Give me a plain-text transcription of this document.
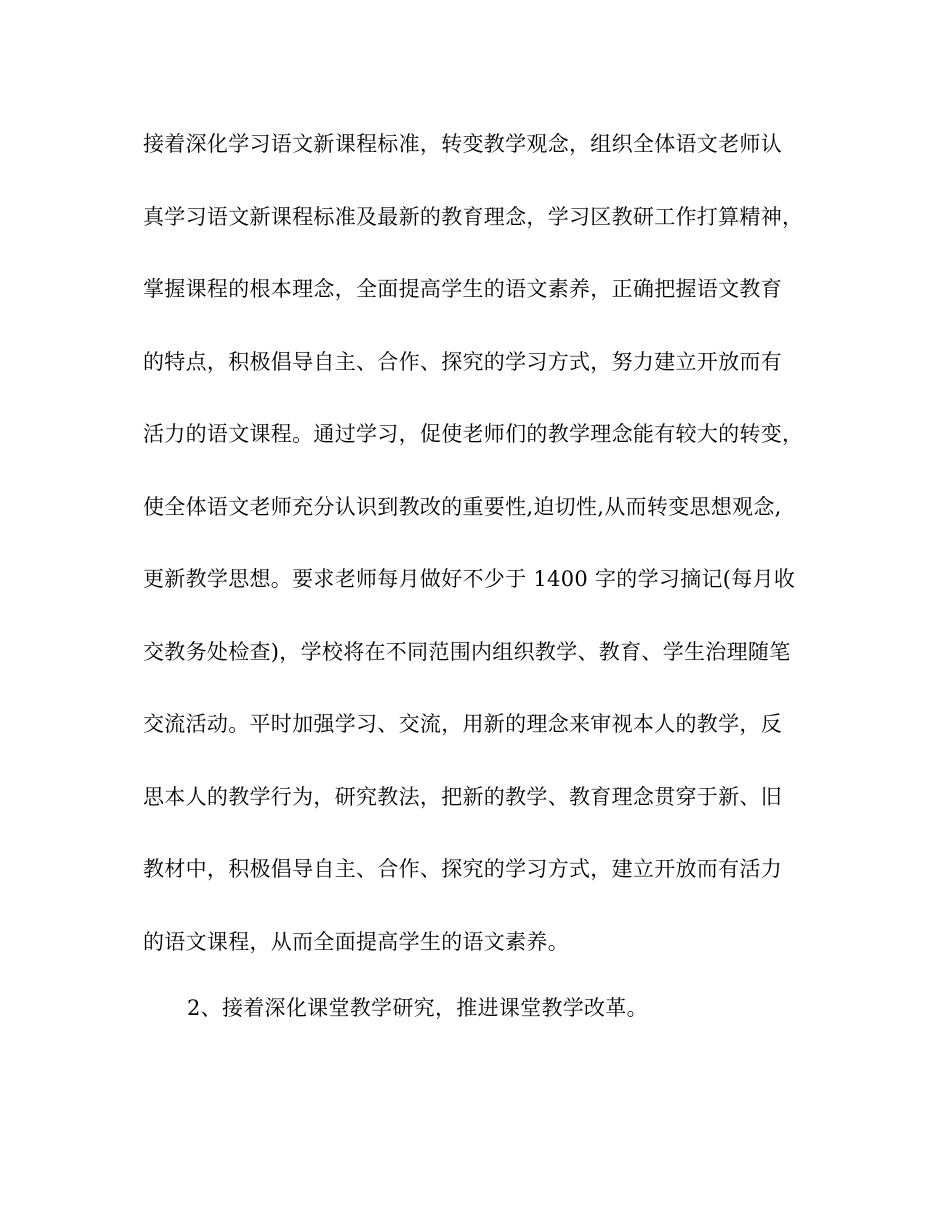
接着深化学习语文新课程标准，转变教学观念，组织全体语文老师认
真学习语文新课程标准及最新的教育理念，学习区教研工作打算精神，
掌握课程的根本理念，全面提高学生的语文素养，正确把握语文教育
的特点，积极倡导自主、合作、探究的学习方式，努力建立开放而有
活力的语文课程。通过学习，促使老师们的教学理念能有较大的转变，
使全体语文老师充分认识到教改的重要性,迫切性,从而转变思想观念,
更新教学思想。要求老师每月做好不少于 1400 字的学习摘记(每月收
交教务处检查)，学校将在不同范围内组织教学、教育、学生治理随笔
交流活动。平时加强学习、交流，用新的理念来审视本人的教学，反
思本人的教学行为，研究教法，把新的教学、教育理念贯穿于新、旧
教材中，积极倡导自主、合作、探究的学习方式，建立开放而有活力
的语文课程，从而全面提高学生的语文素养。
2、接着深化课堂教学研究，推进课堂教学改革。
